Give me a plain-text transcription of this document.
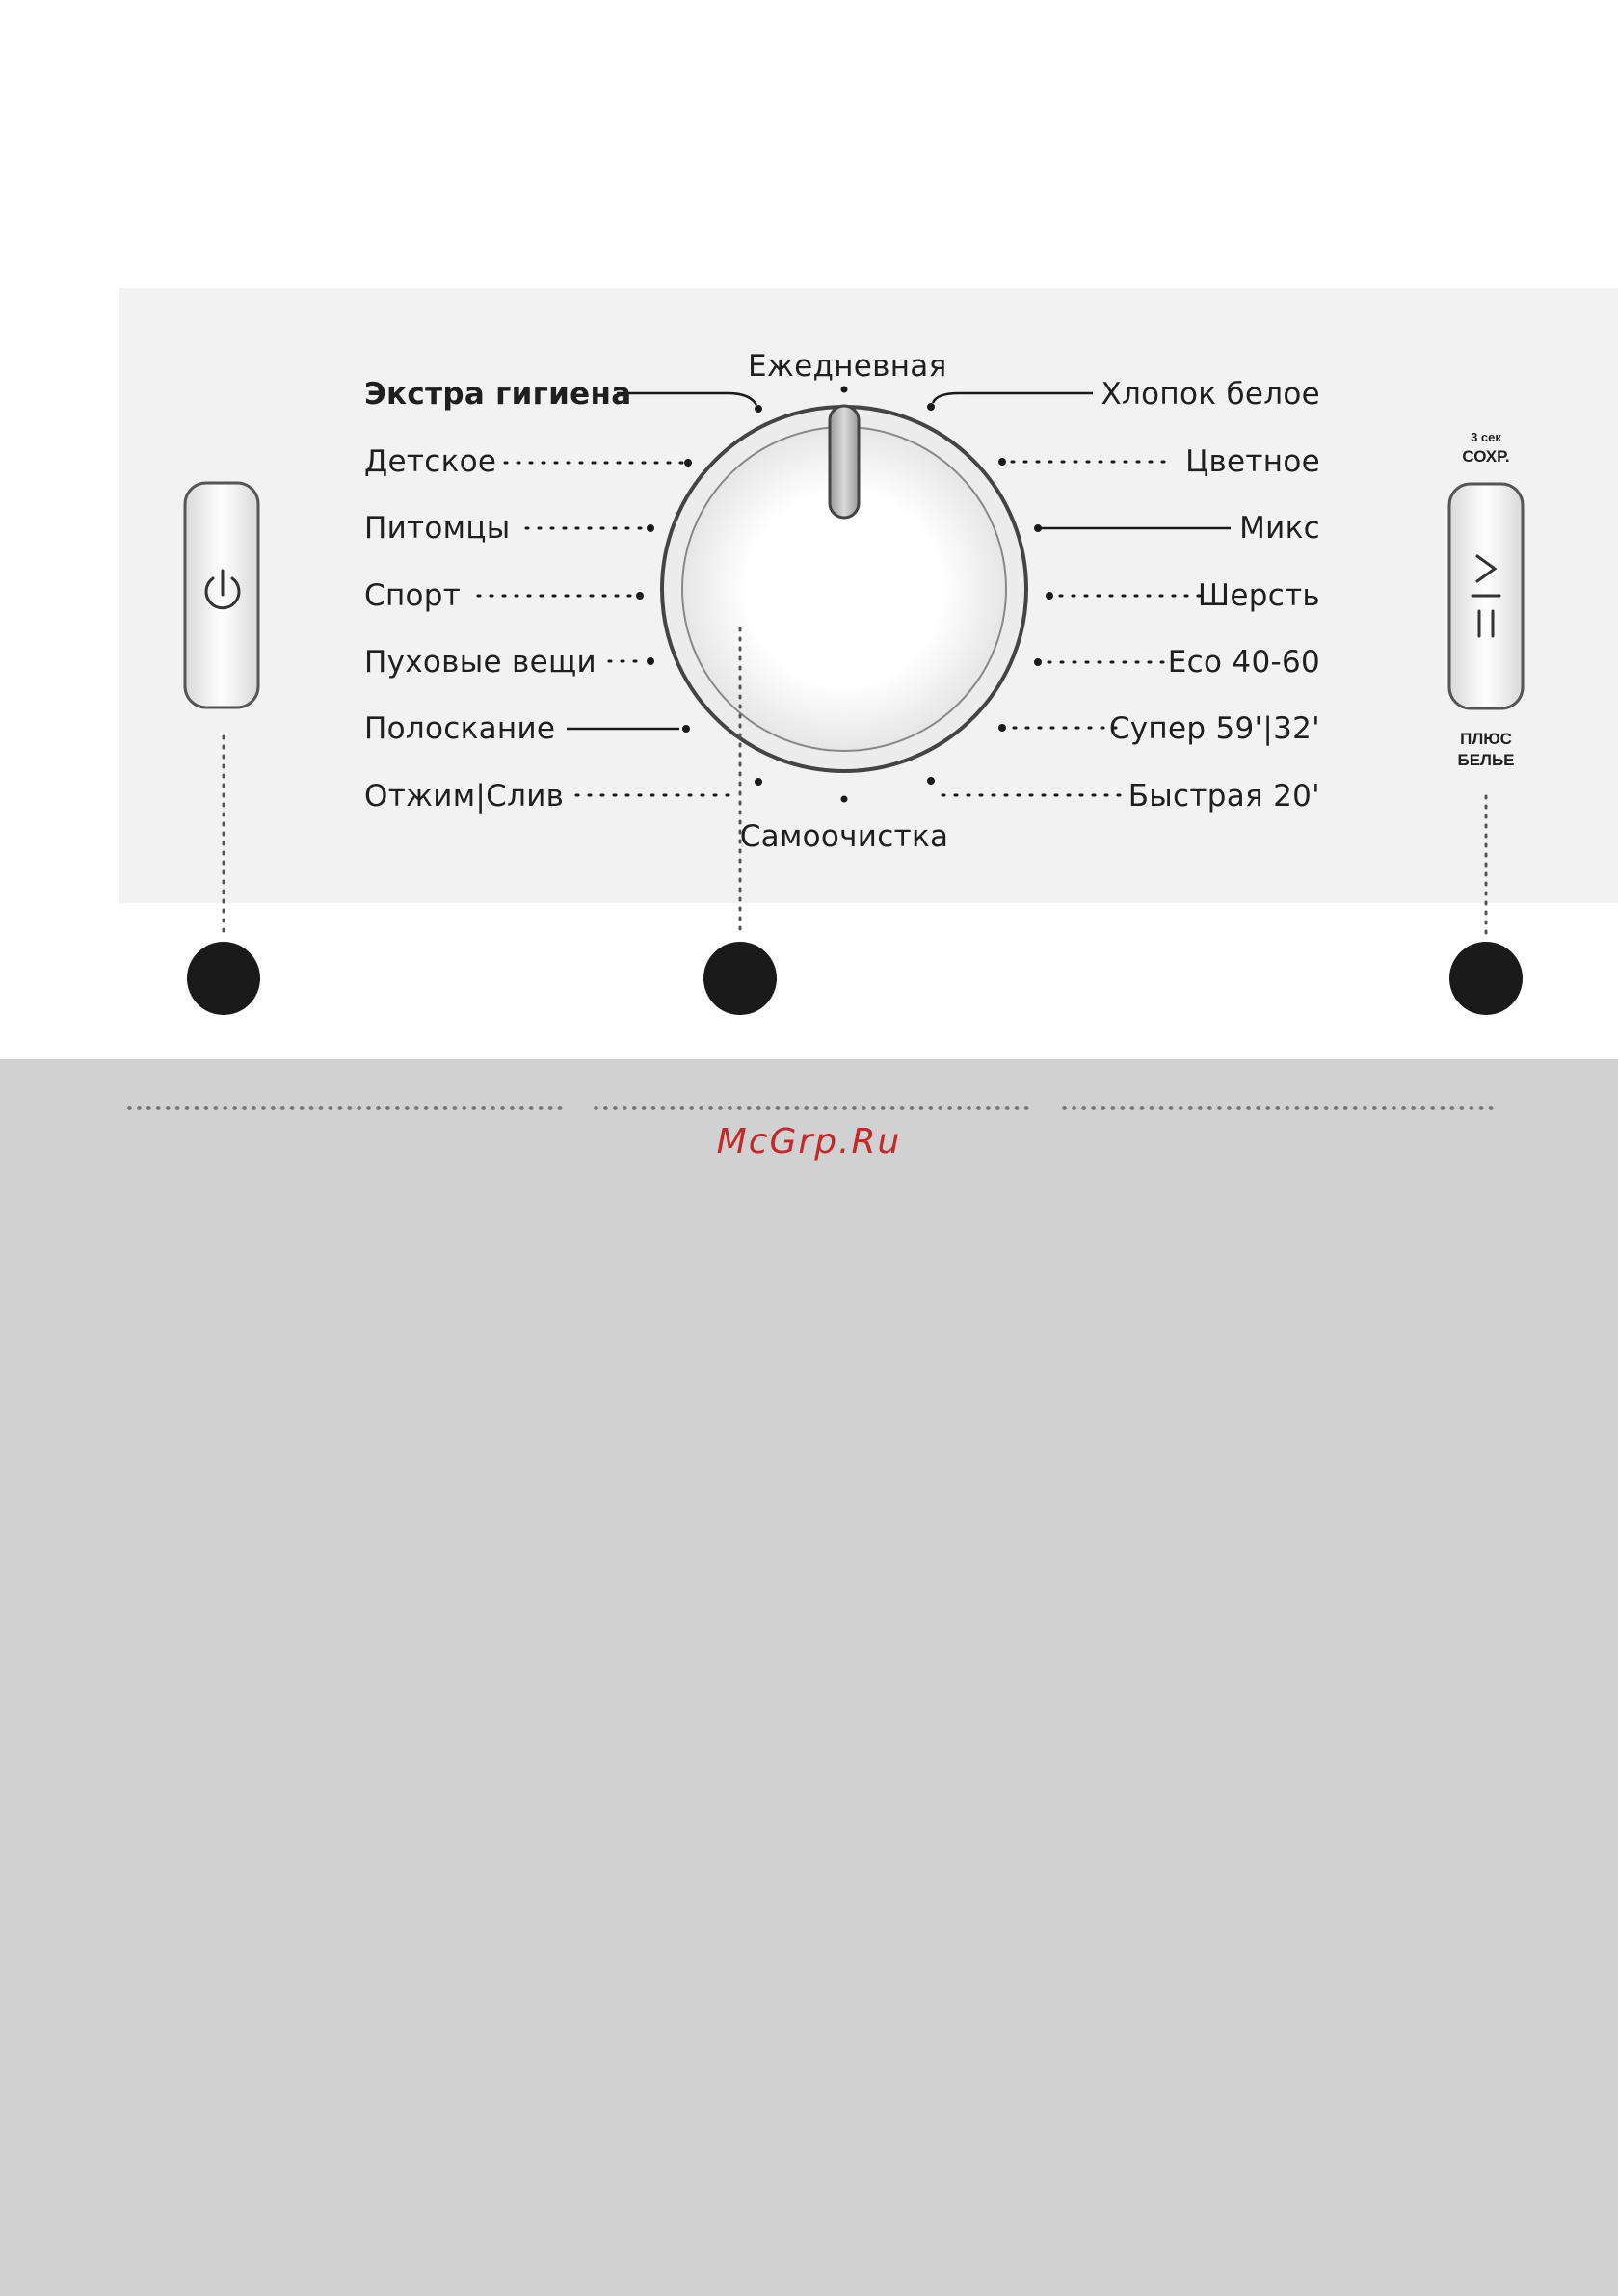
Ежедневная
Самоочистка
Экстра гигиена
Детское
Питомцы
Спорт
Пуховые вещи
Полоскание
Отжим|Слив
Хлопок белое
Цветное
Микс
Шерсть
Eco 40-60
Супер 59'|32'
Быстрая 20'
3 сек
СОХР.
ПЛЮС
БЕЛЬЕ
McGrp.Ru
